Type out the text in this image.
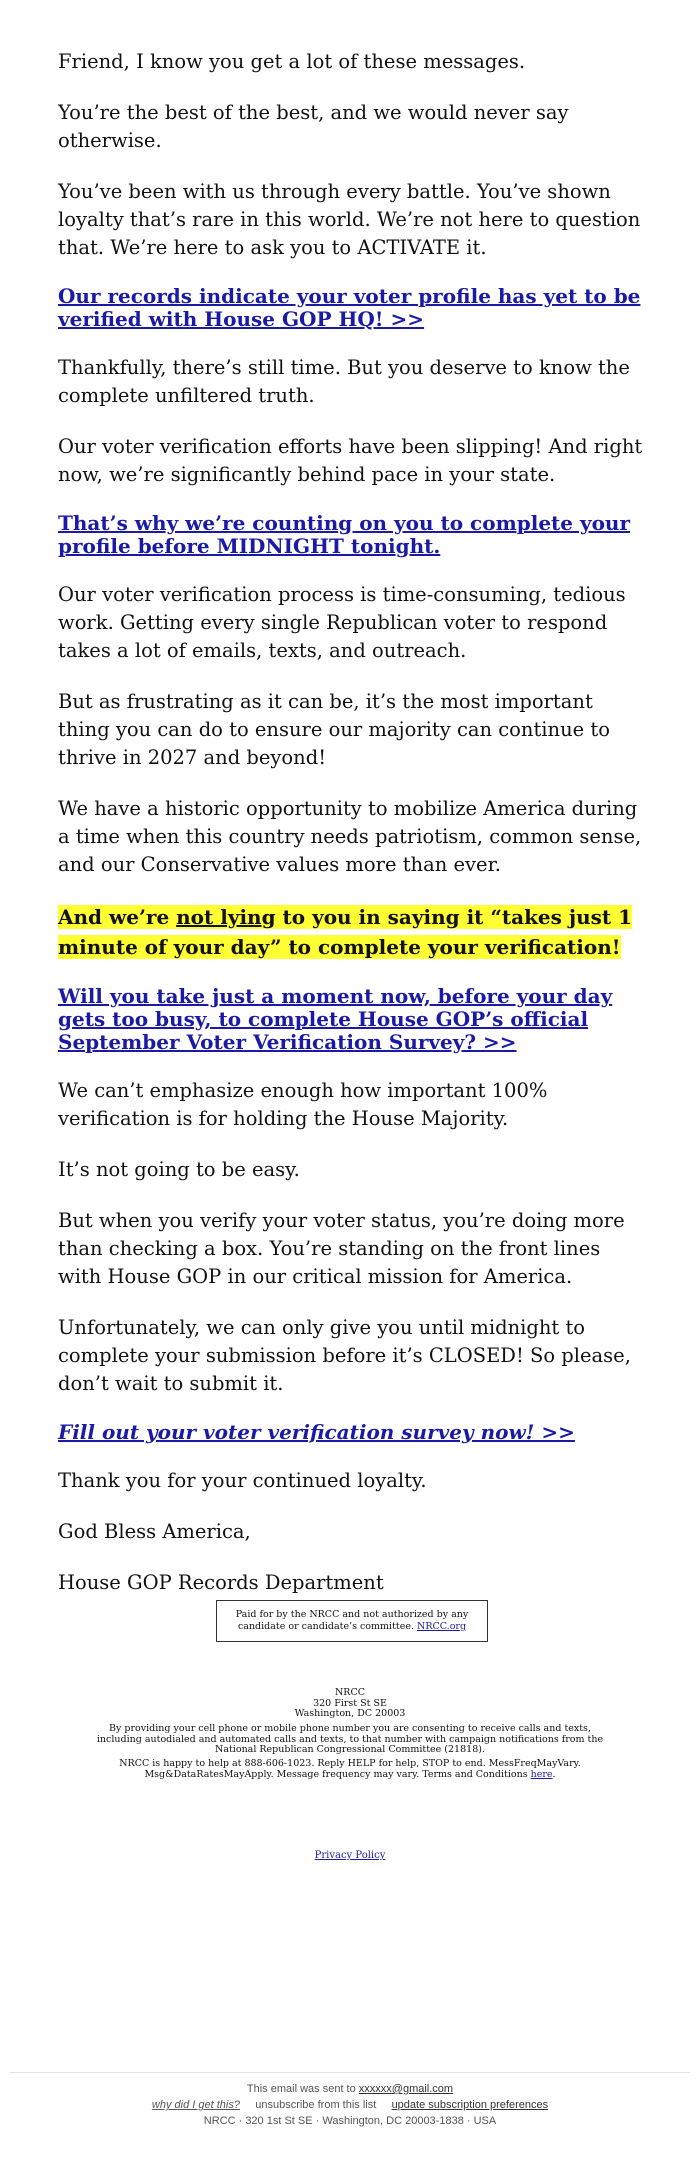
Friend, I know you get a lot of these messages.

You’re the best of the best, and we would never say otherwise.

You’ve been with us through every battle. You’ve shown loyalty that’s rare in this world. We’re not here to question that. We’re here to ask you to ACTIVATE it.

Our records indicate your voter profile has yet to be verified with House GOP HQ! >>

Thankfully, there’s still time. But you deserve to know the complete unfiltered truth.

Our voter verification efforts have been slipping! And right now, we’re significantly behind pace in your state.

That’s why we’re counting on you to complete your profile before MIDNIGHT tonight.

Our voter verification process is time-consuming, tedious work. Getting every single Republican voter to respond takes a lot of emails, texts, and outreach.

But as frustrating as it can be, it’s the most important thing you can do to ensure our majority can continue to thrive in 2027 and beyond!

We have a historic opportunity to mobilize America during a time when this country needs patriotism, common sense, and our Conservative values more than ever.

And we’re not lying to you in saying it “takes just 1 minute of your day” to complete your verification!

Will you take just a moment now, before your day gets too busy, to complete House GOP’s official September Voter Verification Survey? >>

We can’t emphasize enough how important 100% verification is for holding the House Majority.

It’s not going to be easy.

But when you verify your voter status, you’re doing more than checking a box. You’re standing on the front lines with House GOP in our critical mission for America.

Unfortunately, we can only give you until midnight to complete your submission before it’s CLOSED! So please, don’t wait to submit it.

Fill out your voter verification survey now! >>

Thank you for your continued loyalty.

God Bless America,

House GOP Records Department

Paid for by the NRCC and not authorized by any candidate or candidate’s committee. NRCC.org
NRCC
320 First St SE
Washington, DC 20003
By providing your cell phone or mobile phone number you are consenting to receive calls and texts, including autodialed and automated calls and texts, to that number with campaign notifications from the National Republican Congressional Committee (21818).
NRCC is happy to help at 888-606-1023. Reply HELP for help, STOP to end. MessFreqMayVary. Msg&DataRatesMayApply. Message frequency may vary. Terms and Conditions here.
Privacy Policy
This email was sent to xxxxxx@gmail.com
why did I get this? unsubscribe from this list update subscription preferences
NRCC · 320 1st St SE · Washington, DC 20003-1838 · USA
